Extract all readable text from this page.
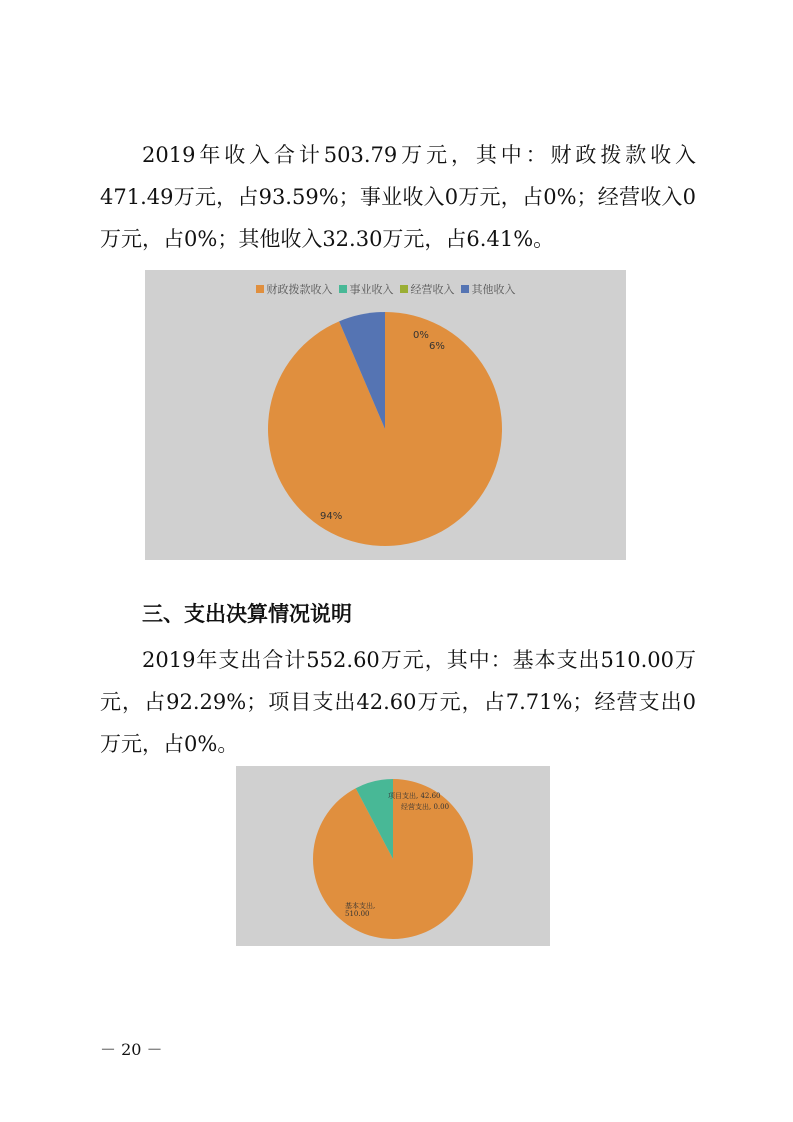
2019年收入合计503.79万元，其中：财政拨款收入471.49万元，占93.59%；事业收入0万元，占0%；经营收入0万元，占0%；其他收入32.30万元，占6.41%。

财政拨款收入 事业收入 经营收入 其他收入
94%
0%
6%
三、支出决算情况说明

2019年支出合计552.60万元，其中：基本支出510.00万元，占92.29%；项目支出42.60万元，占7.71%；经营支出0万元，占0%。

基本支出, 510.00
项目支出, 42.60
经营支出, 0.00

－ 20 －
